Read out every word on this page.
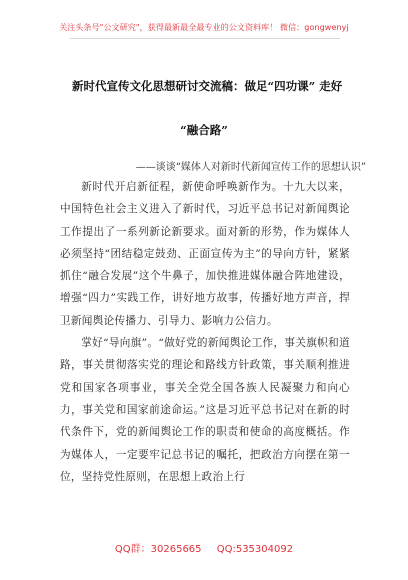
关注头条号"公文研究"，获得最新最全最专业的公文资料库！ 微信：gongwenyj
新时代宣传文化思想研讨交流稿：做足“四功课” 走好
“融合路”
——谈谈“媒体人对新时代新闻宣传工作的思想认识”

新时代开启新征程，新使命呼唤新作为。十九大以来，中国特色社会主义进入了新时代，习近平总书记对新闻舆论工作提出了一系列新论新要求。面对新的形势，作为媒体人必须坚持“团结稳定鼓劲、正面宣传为主”的导向方针，紧紧抓住“融合发展”这个牛鼻子，加快推进媒体融合阵地建设，增强“四力”实践工作，讲好地方故事，传播好地方声音，捍卫新闻舆论传播力、引导力、影响力公信力。

掌好“导向旗”。“做好党的新闻舆论工作，事关旗帜和道路，事关贯彻落实党的理论和路线方针政策，事关顺利推进党和国家各项事业，事关全党全国各族人民凝聚力和向心力，事关党和国家前途命运。”这是习近平总书记对在新的时代条件下，党的新闻舆论工作的职责和使命的高度概括。作为媒体人，一定要牢记总书记的嘱托，把政治方向摆在第一位，坚持党性原则，在思想上政治上行

QQ群：30265665 QQ:535304092
